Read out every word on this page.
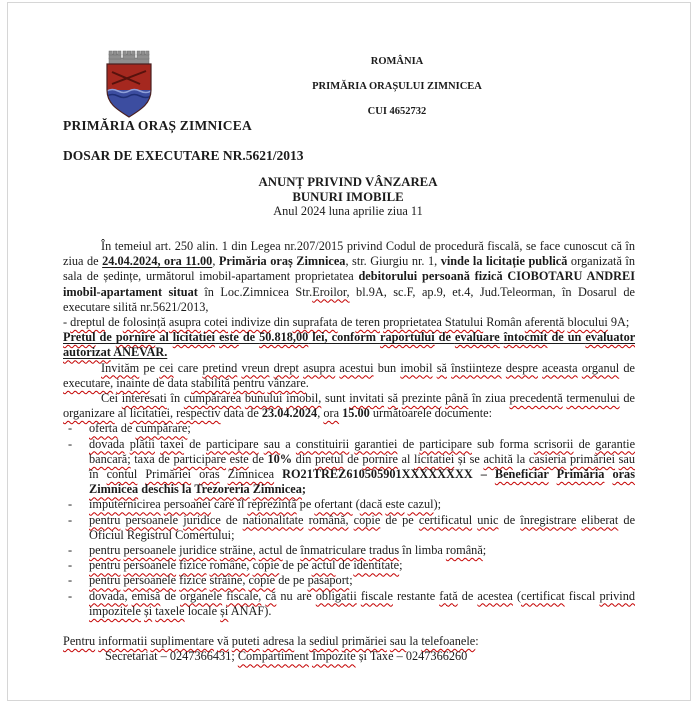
ROMÂNIA
PRIMĂRIA ORAȘULUI ZIMNICEA
CUI 4652732
PRIMĂRIA ORAȘ ZIMNICEA
DOSAR DE EXECUTARE NR.5621/2013
ANUNȚ PRIVIND VÂNZAREA
BUNURI IMOBILE
Anul 2024 luna aprilie ziua 11
În temeiul art. 250 alin. 1 din Legea nr.207/2015 privind Codul de procedură fiscală, se face cunoscut că în ziua de 24.04.2024, ora 11.00, Primăria oraș Zimnicea, str. Giurgiu nr. 1, vinde la licitație publică organizată în sala de ședințe, următorul imobil-apartament proprietatea debitorului persoană fizică CIOBOTARU ANDREI imobil-apartament situat în Loc.Zimnicea Str.Eroilor, bl.9A, sc.F, ap.9, et.4, Jud.Teleorman, în Dosarul de executare silită nr.5621/2013,
- dreptul de folosință asupra cotei indivize din suprafata de teren proprietatea Statului Român aferentă blocului 9A;
Pretul de pornire al licitatiei este de 50.818,00 lei, conform raportului de evaluare întocmit de un evaluator autorizat ANEVAR.
Invităm pe cei care pretind vreun drept asupra acestui bun imobil să înstiinteze despre aceasta organul de executare, inainte de data stabilită pentru vânzare.
Cei interesati în cumpărarea bunului imobil, sunt invitati să prezinte până în ziua precedentă termenului de organizare al licitatiei, respectiv data de 23.04.2024, ora 15.00 următoarele documente:
- oferta de cumpărare;
- dovada plătii taxei de participare sau a constituirii garantiei de participare sub forma scrisorii de garantie bancară; taxa de participare este de 10% din pretul de pornire al licitatiei și se achită la casieria primăriei sau în contul Primăriei oras Zimnicea RO21TREZ610505901XXXXXXXX – Beneficiar Primăria oras Zimnicea deschis la Trezoreria Zimnicea;
- imputernicirea persoanei care îl reprezintă pe ofertant (dacă este cazul);
- pentru persoanele juridice de nationalitate română, copie de pe certificatul unic de înregistrare eliberat de Oficiul Registrul Comertului;
- pentru persoanele juridice străine, actul de înmatriculare tradus în limba română;
- pentru persoanele fizice române, copie de pe actul de identitate;
- pentru persoanele fizice străine, copie de pe pasaport;
- dovada, emisă de organele fiscale, că nu are obligatii fiscale restante fată de acestea (certificat fiscal privind impozitele și taxele locale și ANAF).
Pentru informatii suplimentare vă puteti adresa la sediul primăriei sau la telefoanele:
Secretariat – 0247366431; Compartiment Impozite și Taxe – 0247366260
